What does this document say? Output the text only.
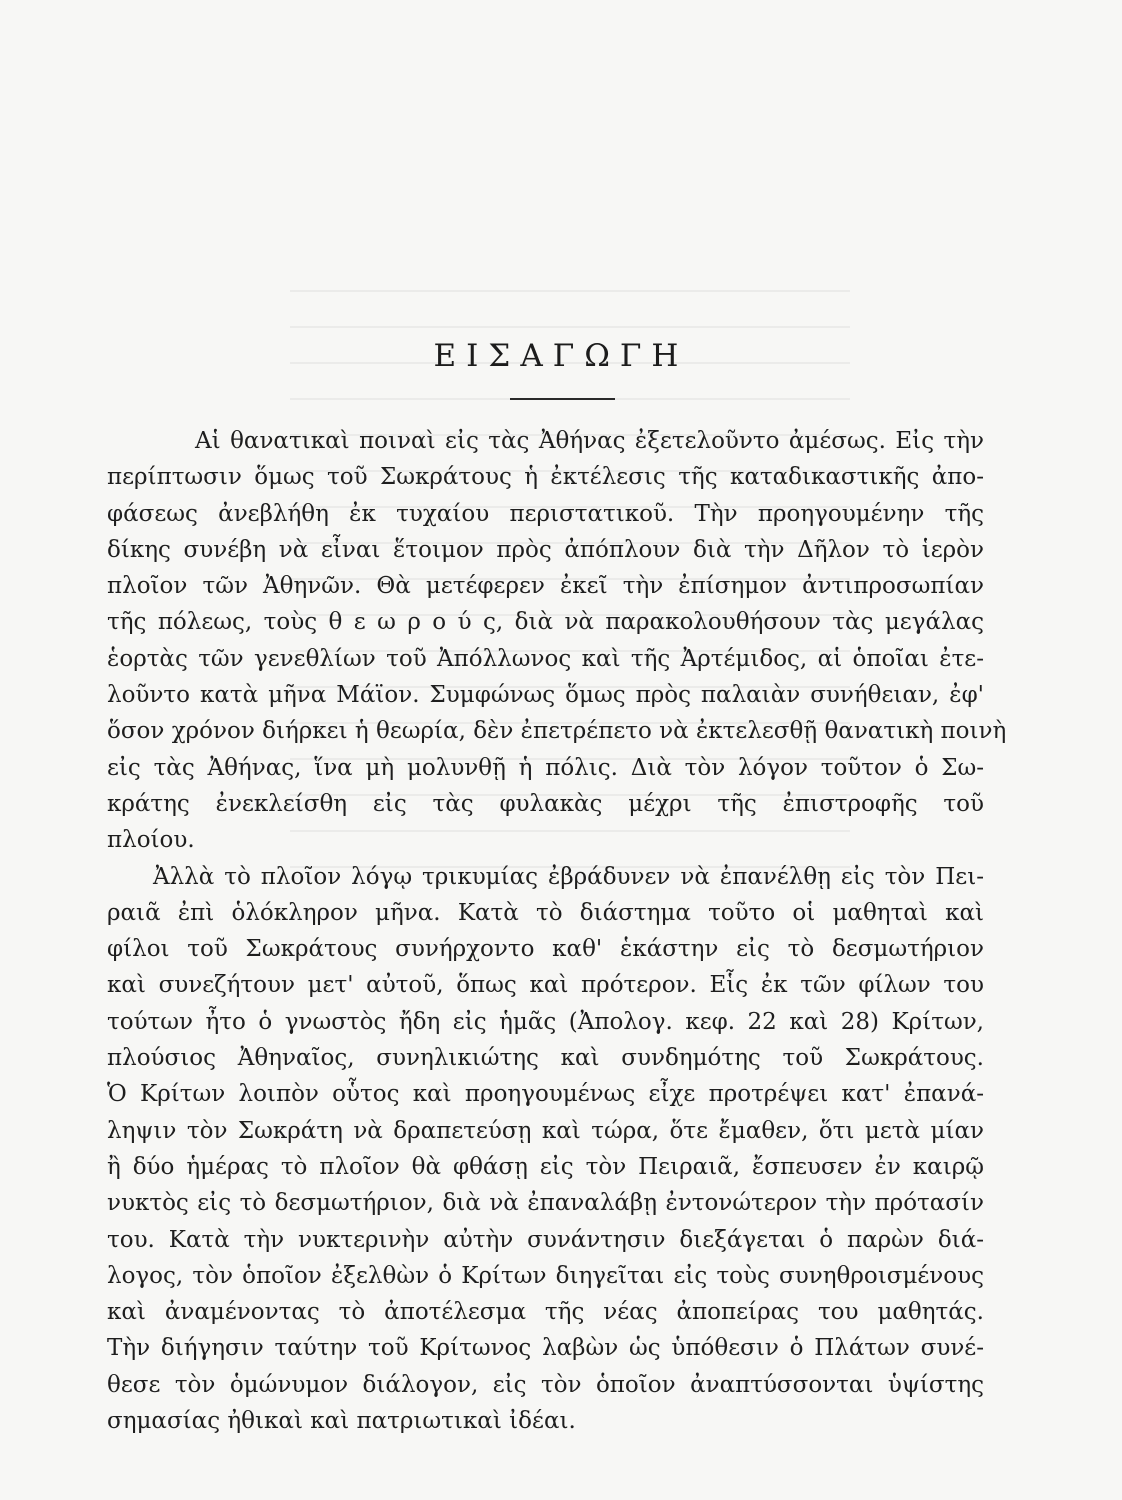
ΕΙΣΑΓΩΓΗ
Αἱ θανατικαὶ ποιναὶ εἰς τὰς Ἀθήνας ἐξετελοῦντο ἀμέσως. Εἰς τὴν
περίπτωσιν ὅμως τοῦ Σωκράτους ἡ ἐκτέλεσις τῆς καταδικαστικῆς ἀπο-
φάσεως ἀνεβλήθη ἐκ τυχαίου περιστατικοῦ. Τὴν προηγουμένην τῆς
δίκης συνέβη νὰ εἶναι ἕτοιμον πρὸς ἀπόπλουν διὰ τὴν Δῆλον τὸ ἱερὸν
πλοῖον τῶν Ἀθηνῶν. Θὰ μετέφερεν ἐκεῖ τὴν ἐπίσημον ἀντιπροσωπίαν
τῆς πόλεως, τοὺς θ ε ω ρ ο ύ ς, διὰ νὰ παρακολουθήσουν τὰς μεγάλας
ἑορτὰς τῶν γενεθλίων τοῦ Ἀπόλλωνος καὶ τῆς Ἀρτέμιδος, αἱ ὁποῖαι ἐτε-
λοῦντο κατὰ μῆνα Μάϊον. Συμφώνως ὅμως πρὸς παλαιὰν συνήθειαν, ἐφ'
ὅσον χρόνον διήρκει ἡ θεωρία, δὲν ἐπετρέπετο νὰ ἐκτελεσθῇ θανατικὴ ποινὴ
εἰς τὰς Ἀθήνας, ἵνα μὴ μολυνθῇ ἡ πόλις. Διὰ τὸν λόγον τοῦτον ὁ Σω-
κράτης ἐνεκλείσθη εἰς τὰς φυλακὰς μέχρι τῆς ἐπιστροφῆς τοῦ
πλοίου.
Ἀλλὰ τὸ πλοῖον λόγῳ τρικυμίας ἐβράδυνεν νὰ ἐπανέλθῃ εἰς τὸν Πει-
ραιᾶ ἐπὶ ὁλόκληρον μῆνα. Κατὰ τὸ διάστημα τοῦτο οἱ μαθηταὶ καὶ
φίλοι τοῦ Σωκράτους συνήρχοντο καθ' ἑκάστην εἰς τὸ δεσμωτήριον
καὶ συνεζήτουν μετ' αὐτοῦ, ὅπως καὶ πρότερον. Εἷς ἐκ τῶν φίλων του
τούτων ἦτο ὁ γνωστὸς ἤδη εἰς ἡμᾶς (Ἀπολογ. κεφ. 22 καὶ 28) Κρίτων,
πλούσιος Ἀθηναῖος, συνηλικιώτης καὶ συνδημότης τοῦ Σωκράτους.
Ὁ Κρίτων λοιπὸν οὗτος καὶ προηγουμένως εἶχε προτρέψει κατ' ἐπανά-
ληψιν τὸν Σωκράτη νὰ δραπετεύσῃ καὶ τώρα, ὅτε ἔμαθεν, ὅτι μετὰ μίαν
ἢ δύο ἡμέρας τὸ πλοῖον θὰ φθάσῃ εἰς τὸν Πειραιᾶ, ἔσπευσεν ἐν καιρῷ
νυκτὸς εἰς τὸ δεσμωτήριον, διὰ νὰ ἐπαναλάβῃ ἐντονώτερον τὴν πρότασίν
του. Κατὰ τὴν νυκτερινὴν αὐτὴν συνάντησιν διεξάγεται ὁ παρὼν διά-
λογος, τὸν ὁποῖον ἐξελθὼν ὁ Κρίτων διηγεῖται εἰς τοὺς συνηθροισμένους
καὶ ἀναμένοντας τὸ ἀποτέλεσμα τῆς νέας ἀποπείρας του μαθητάς.
Τὴν διήγησιν ταύτην τοῦ Κρίτωνος λαβὼν ὡς ὑπόθεσιν ὁ Πλάτων συνέ-
θεσε τὸν ὁμώνυμον διάλογον, εἰς τὸν ὁποῖον ἀναπτύσσονται ὑψίστης
σημασίας ἠθικαὶ καὶ πατριωτικαὶ ἰδέαι.
